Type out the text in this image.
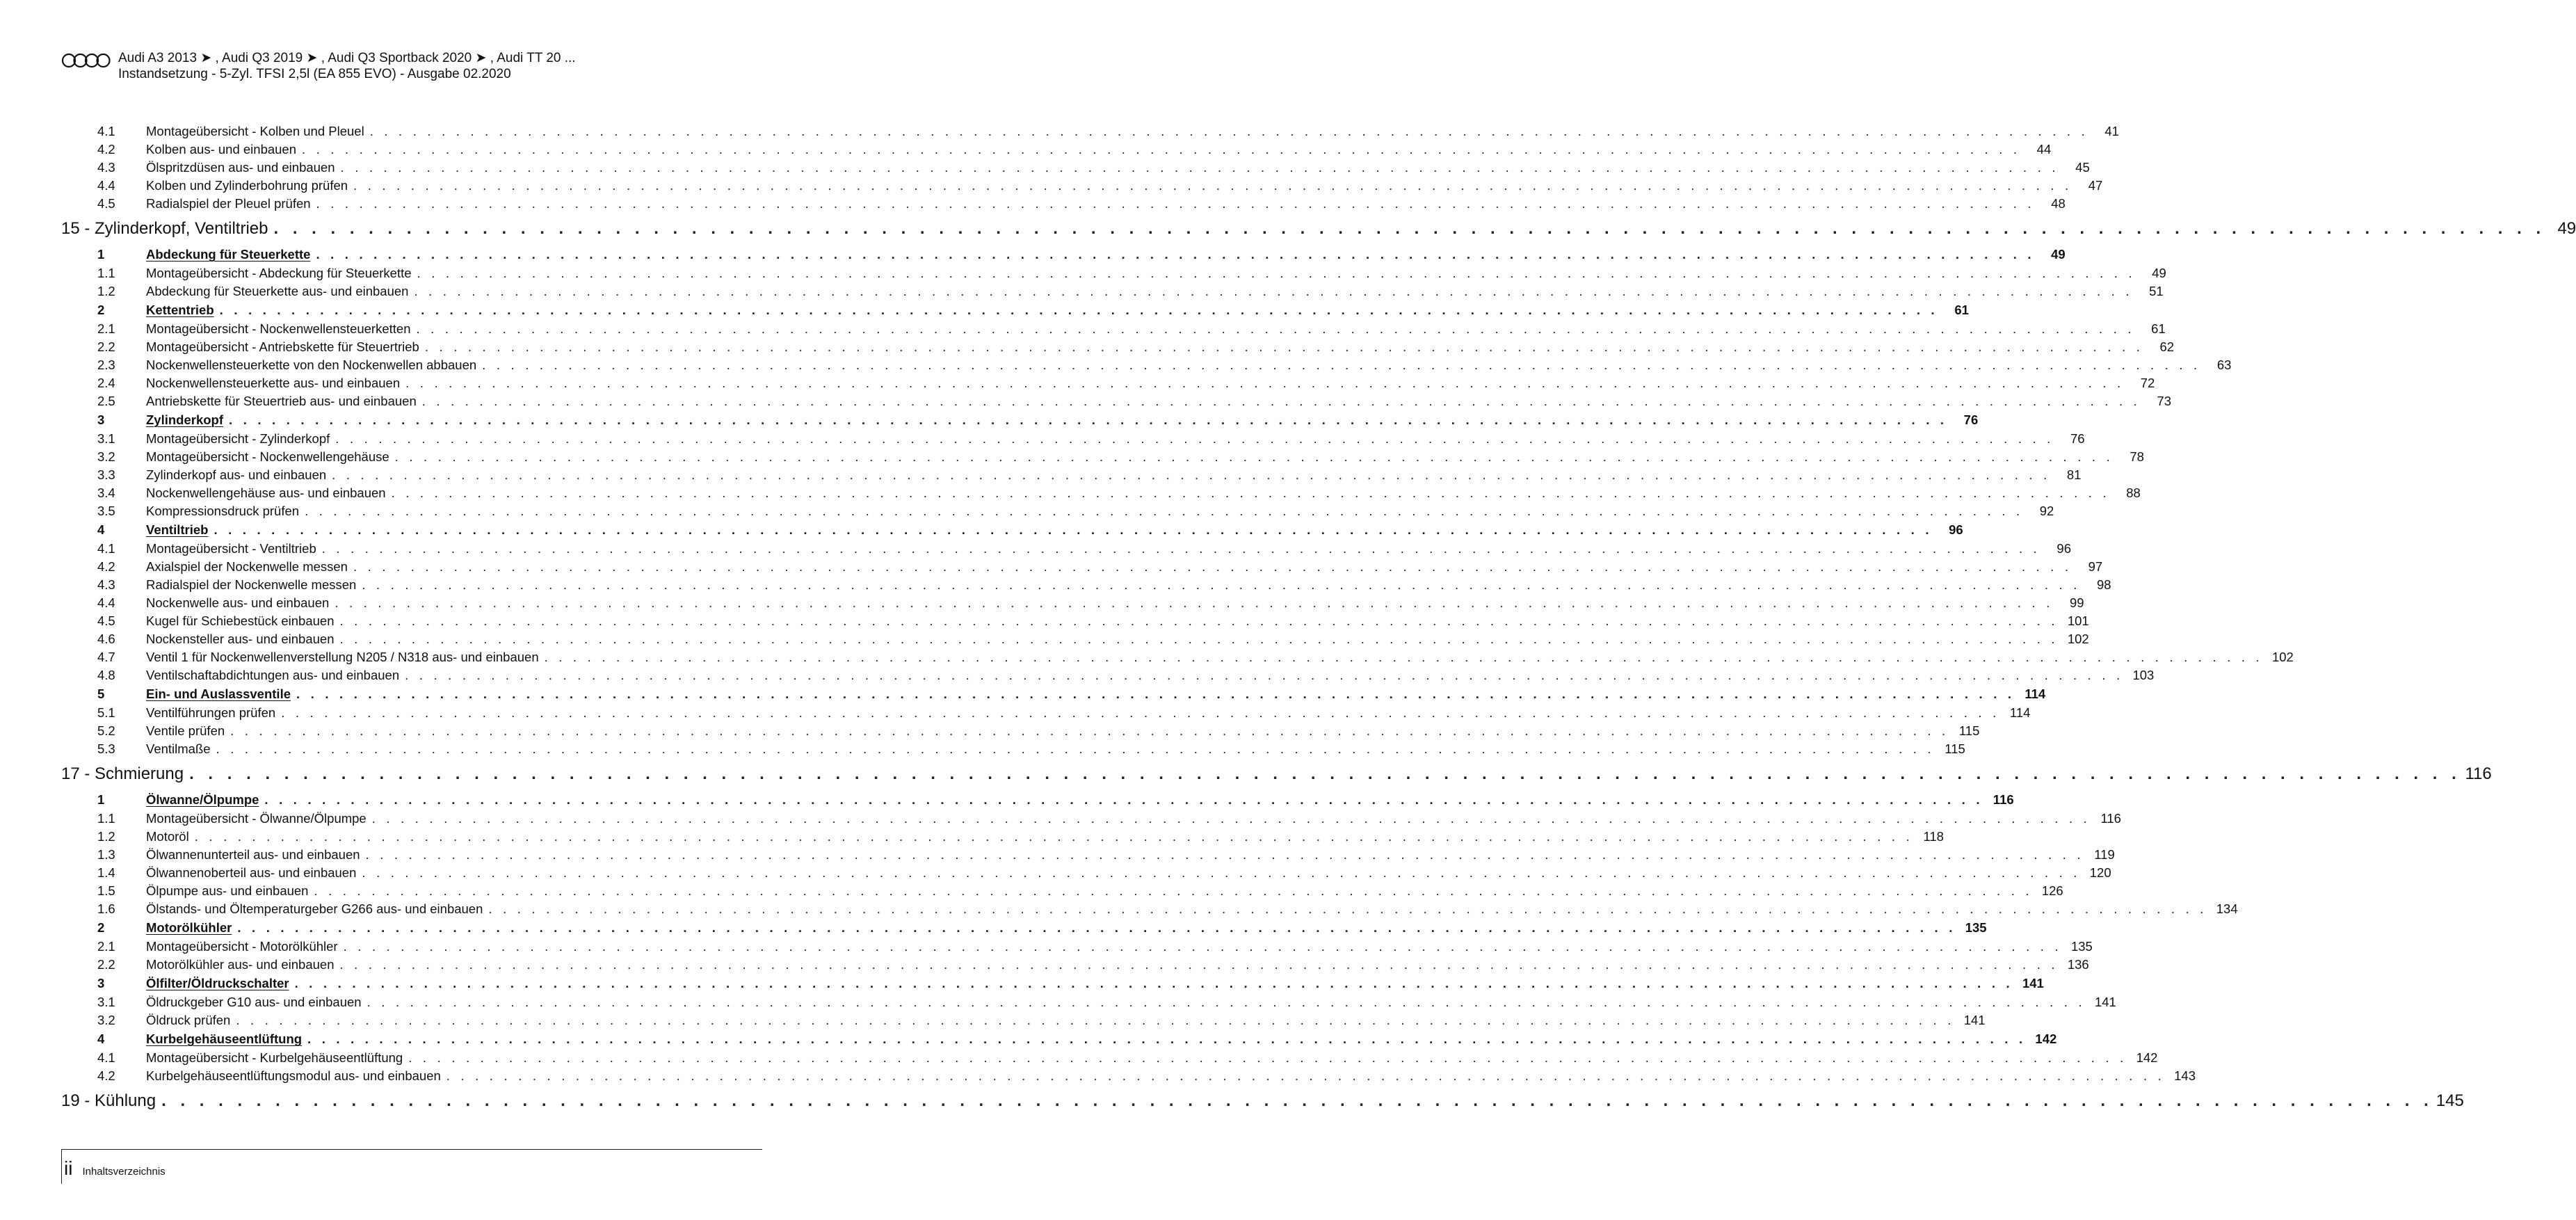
Audi A3 2013 ➤ , Audi Q3 2019 ➤ , Audi Q3 Sportback 2020 ➤ , Audi TT 20 ...
Instandsetzung - 5-Zyl. TFSI 2,5l (EA 855 EVO) - Ausgabe 02.2020
4.1	Montageübersicht - Kolben und Pleuel . . . . . . . . . . . . . . . . . . . . . . . . . . . . . . . . . . . . . . . . . . . . . . . . . . . . . . . . . . . . . . . . . . . . . . . . . . . . . . . . . . . . . . . . . . . . . . . . . . . . . . . . . . . . . . . . . . . . . . . .	41
4.2	Kolben aus- und einbauen . . . . . . . . . . . . . . . . . . . . . . . . . . . . . . . . . . . . . . . . . . . . . . . . . . . . . . . . . . . . . . . . . . . . . . . . . . . . . . . . . . . . . . . . . . . . . . . . . . . . . . . . . . . . . . . . . . . . . . . .	44
4.3	Ölspritzdüsen aus- und einbauen . . . . . . . . . . . . . . . . . . . . . . . . . . . . . . . . . . . . . . . . . . . . . . . . . . . . . . . . . . . . . . . . . . . . . . . . . . . . . . . . . . . . . . . . . . . . . . . . . . . . . . . . . . . . . . . . . . . . . . . .	45
4.4	Kolben und Zylinderbohrung prüfen . . . . . . . . . . . . . . . . . . . . . . . . . . . . . . . . . . . . . . . . . . . . . . . . . . . . . . . . . . . . . . . . . . . . . . . . . . . . . . . . . . . . . . . . . . . . . . . . . . . . . . . . . . . . . . . . . . . . . . . .	47
4.5	Radialspiel der Pleuel prüfen . . . . . . . . . . . . . . . . . . . . . . . . . . . . . . . . . . . . . . . . . . . . . . . . . . . . . . . . . . . . . . . . . . . . . . . . . . . . . . . . . . . . . . . . . . . . . . . . . . . . . . . . . . . . . . . . . . . . . . . .	48
15 - Zylinderkopf, Ventiltrieb . . . . . . . . . . . . . . . . . . . . . . . . . . . . . . . . . . . . . . . . . . . . . . . . . . . . . . . . . . . . . . . . . . . . . . . . . . . . . . . . . . . . . . . . . . . . . . . . . . . . . . . . . . . . . . . . . . . . . . . . 49
1	Abdeckung für Steuerkette . . . . . . . . . . . . . . . . . . . . . . . . . . . . . . . . . . . . . . . . . . . . . . . . . . . . . . . . . . . . . . . . . . . . . . . . . . . . . . . . . . . . . . . . . . . . . . . . . . . . . . . . . . . . . . . . . . . . . . . .	49
1.1	Montageübersicht - Abdeckung für Steuerkette . . . . . . . . . . . . . . . . . . . . . . . . . . . . . . . . . . . . . . . . . . . . . . . . . . . . . . . . . . . . . . . . . . . . . . . . . . . . . . . . . . . . . . . . . . . . . . . . . . . . . . . . . . . . . . . . . . . . . . . .	49
1.2	Abdeckung für Steuerkette aus- und einbauen . . . . . . . . . . . . . . . . . . . . . . . . . . . . . . . . . . . . . . . . . . . . . . . . . . . . . . . . . . . . . . . . . . . . . . . . . . . . . . . . . . . . . . . . . . . . . . . . . . . . . . . . . . . . . . . . . . . . . . . .	51
2	Kettentrieb . . . . . . . . . . . . . . . . . . . . . . . . . . . . . . . . . . . . . . . . . . . . . . . . . . . . . . . . . . . . . . . . . . . . . . . . . . . . . . . . . . . . . . . . . . . . . . . . . . . . . . . . . . . . . . . . . . . . . . . .	61
2.1	Montageübersicht - Nockenwellensteuerketten . . . . . . . . . . . . . . . . . . . . . . . . . . . . . . . . . . . . . . . . . . . . . . . . . . . . . . . . . . . . . . . . . . . . . . . . . . . . . . . . . . . . . . . . . . . . . . . . . . . . . . . . . . . . . . . . . . . . . . . .	61
2.2	Montageübersicht - Antriebskette für Steuertrieb . . . . . . . . . . . . . . . . . . . . . . . . . . . . . . . . . . . . . . . . . . . . . . . . . . . . . . . . . . . . . . . . . . . . . . . . . . . . . . . . . . . . . . . . . . . . . . . . . . . . . . . . . . . . . . . . . . . . . . . .	62
2.3	Nockenwellensteuerkette von den Nockenwellen abbauen . . . . . . . . . . . . . . . . . . . . . . . . . . . . . . . . . . . . . . . . . . . . . . . . . . . . . . . . . . . . . . . . . . . . . . . . . . . . . . . . . . . . . . . . . . . . . . . . . . . . . . . . . . . . . . . . . . . . . . . .	63
2.4	Nockenwellensteuerkette aus- und einbauen . . . . . . . . . . . . . . . . . . . . . . . . . . . . . . . . . . . . . . . . . . . . . . . . . . . . . . . . . . . . . . . . . . . . . . . . . . . . . . . . . . . . . . . . . . . . . . . . . . . . . . . . . . . . . . . . . . . . . . . .	72
2.5	Antriebskette für Steuertrieb aus- und einbauen . . . . . . . . . . . . . . . . . . . . . . . . . . . . . . . . . . . . . . . . . . . . . . . . . . . . . . . . . . . . . . . . . . . . . . . . . . . . . . . . . . . . . . . . . . . . . . . . . . . . . . . . . . . . . . . . . . . . . . . .	73
3	Zylinderkopf . . . . . . . . . . . . . . . . . . . . . . . . . . . . . . . . . . . . . . . . . . . . . . . . . . . . . . . . . . . . . . . . . . . . . . . . . . . . . . . . . . . . . . . . . . . . . . . . . . . . . . . . . . . . . . . . . . . . . . . .	76
3.1	Montageübersicht - Zylinderkopf . . . . . . . . . . . . . . . . . . . . . . . . . . . . . . . . . . . . . . . . . . . . . . . . . . . . . . . . . . . . . . . . . . . . . . . . . . . . . . . . . . . . . . . . . . . . . . . . . . . . . . . . . . . . . . . . . . . . . . . .	76
3.2	Montageübersicht - Nockenwellengehäuse . . . . . . . . . . . . . . . . . . . . . . . . . . . . . . . . . . . . . . . . . . . . . . . . . . . . . . . . . . . . . . . . . . . . . . . . . . . . . . . . . . . . . . . . . . . . . . . . . . . . . . . . . . . . . . . . . . . . . . . .	78
3.3	Zylinderkopf aus- und einbauen . . . . . . . . . . . . . . . . . . . . . . . . . . . . . . . . . . . . . . . . . . . . . . . . . . . . . . . . . . . . . . . . . . . . . . . . . . . . . . . . . . . . . . . . . . . . . . . . . . . . . . . . . . . . . . . . . . . . . . . .	81
3.4	Nockenwellengehäuse aus- und einbauen . . . . . . . . . . . . . . . . . . . . . . . . . . . . . . . . . . . . . . . . . . . . . . . . . . . . . . . . . . . . . . . . . . . . . . . . . . . . . . . . . . . . . . . . . . . . . . . . . . . . . . . . . . . . . . . . . . . . . . . .	88
3.5	Kompressionsdruck prüfen . . . . . . . . . . . . . . . . . . . . . . . . . . . . . . . . . . . . . . . . . . . . . . . . . . . . . . . . . . . . . . . . . . . . . . . . . . . . . . . . . . . . . . . . . . . . . . . . . . . . . . . . . . . . . . . . . . . . . . . .	92
4	Ventiltrieb . . . . . . . . . . . . . . . . . . . . . . . . . . . . . . . . . . . . . . . . . . . . . . . . . . . . . . . . . . . . . . . . . . . . . . . . . . . . . . . . . . . . . . . . . . . . . . . . . . . . . . . . . . . . . . . . . . . . . . . .	96
4.1	Montageübersicht - Ventiltrieb . . . . . . . . . . . . . . . . . . . . . . . . . . . . . . . . . . . . . . . . . . . . . . . . . . . . . . . . . . . . . . . . . . . . . . . . . . . . . . . . . . . . . . . . . . . . . . . . . . . . . . . . . . . . . . . . . . . . . . . .	96
4.2	Axialspiel der Nockenwelle messen . . . . . . . . . . . . . . . . . . . . . . . . . . . . . . . . . . . . . . . . . . . . . . . . . . . . . . . . . . . . . . . . . . . . . . . . . . . . . . . . . . . . . . . . . . . . . . . . . . . . . . . . . . . . . . . . . . . . . . . .	97
4.3	Radialspiel der Nockenwelle messen . . . . . . . . . . . . . . . . . . . . . . . . . . . . . . . . . . . . . . . . . . . . . . . . . . . . . . . . . . . . . . . . . . . . . . . . . . . . . . . . . . . . . . . . . . . . . . . . . . . . . . . . . . . . . . . . . . . . . . . .	98
4.4	Nockenwelle aus- und einbauen . . . . . . . . . . . . . . . . . . . . . . . . . . . . . . . . . . . . . . . . . . . . . . . . . . . . . . . . . . . . . . . . . . . . . . . . . . . . . . . . . . . . . . . . . . . . . . . . . . . . . . . . . . . . . . . . . . . . . . . .	99
4.5	Kugel für Schiebestück einbauen . . . . . . . . . . . . . . . . . . . . . . . . . . . . . . . . . . . . . . . . . . . . . . . . . . . . . . . . . . . . . . . . . . . . . . . . . . . . . . . . . . . . . . . . . . . . . . . . . . . . . . . . . . . . . . . . . . . . . . . . 101
4.6	Nockensteller aus- und einbauen . . . . . . . . . . . . . . . . . . . . . . . . . . . . . . . . . . . . . . . . . . . . . . . . . . . . . . . . . . . . . . . . . . . . . . . . . . . . . . . . . . . . . . . . . . . . . . . . . . . . . . . . . . . . . . . . . . . . . . . . 102
4.7	Ventil 1 für Nockenwellenverstellung N205 / N318 aus- und einbauen . . . . . . . . . . . . . . . . . . . . . . . . . . . . . . . . . . . . . . . . . . . . . . . . . . . . . . . . . . . . . . . . . . . . . . . . . . . . . . . . . . . . . . . . . . . . . . . . . . . . . . . . . . . . . . . . . . . . . . . . 102
4.8	Ventilschaftabdichtungen aus- und einbauen . . . . . . . . . . . . . . . . . . . . . . . . . . . . . . . . . . . . . . . . . . . . . . . . . . . . . . . . . . . . . . . . . . . . . . . . . . . . . . . . . . . . . . . . . . . . . . . . . . . . . . . . . . . . . . . . . . . . . . . . 103
5	Ein- und Auslassventile . . . . . . . . . . . . . . . . . . . . . . . . . . . . . . . . . . . . . . . . . . . . . . . . . . . . . . . . . . . . . . . . . . . . . . . . . . . . . . . . . . . . . . . . . . . . . . . . . . . . . . . . . . . . . . . . . . . . . . . . 114
5.1	Ventilführungen prüfen . . . . . . . . . . . . . . . . . . . . . . . . . . . . . . . . . . . . . . . . . . . . . . . . . . . . . . . . . . . . . . . . . . . . . . . . . . . . . . . . . . . . . . . . . . . . . . . . . . . . . . . . . . . . . . . . . . . . . . . . 114
5.2	Ventile prüfen . . . . . . . . . . . . . . . . . . . . . . . . . . . . . . . . . . . . . . . . . . . . . . . . . . . . . . . . . . . . . . . . . . . . . . . . . . . . . . . . . . . . . . . . . . . . . . . . . . . . . . . . . . . . . . . . . . . . . . . . 115
5.3	Ventilmaße . . . . . . . . . . . . . . . . . . . . . . . . . . . . . . . . . . . . . . . . . . . . . . . . . . . . . . . . . . . . . . . . . . . . . . . . . . . . . . . . . . . . . . . . . . . . . . . . . . . . . . . . . . . . . . . . . . . . . . . . 115
17 - Schmierung . . . . . . . . . . . . . . . . . . . . . . . . . . . . . . . . . . . . . . . . . . . . . . . . . . . . . . . . . . . . . . . . . . . . . . . . . . . . . . . . . . . . . . . . . . . . . . . . . . . . . . . . . . . . . . . . . . . . . . . . 116
1	Ölwanne/Ölpumpe . . . . . . . . . . . . . . . . . . . . . . . . . . . . . . . . . . . . . . . . . . . . . . . . . . . . . . . . . . . . . . . . . . . . . . . . . . . . . . . . . . . . . . . . . . . . . . . . . . . . . . . . . . . . . . . . . . . . . . . . 116
1.1	Montageübersicht - Ölwanne/Ölpumpe . . . . . . . . . . . . . . . . . . . . . . . . . . . . . . . . . . . . . . . . . . . . . . . . . . . . . . . . . . . . . . . . . . . . . . . . . . . . . . . . . . . . . . . . . . . . . . . . . . . . . . . . . . . . . . . . . . . . . . . . 116
1.2	Motoröl . . . . . . . . . . . . . . . . . . . . . . . . . . . . . . . . . . . . . . . . . . . . . . . . . . . . . . . . . . . . . . . . . . . . . . . . . . . . . . . . . . . . . . . . . . . . . . . . . . . . . . . . . . . . . . . . . . . . . . . . 118
1.3	Ölwannenunterteil aus- und einbauen . . . . . . . . . . . . . . . . . . . . . . . . . . . . . . . . . . . . . . . . . . . . . . . . . . . . . . . . . . . . . . . . . . . . . . . . . . . . . . . . . . . . . . . . . . . . . . . . . . . . . . . . . . . . . . . . . . . . . . . . 119
1.4	Ölwannenoberteil aus- und einbauen . . . . . . . . . . . . . . . . . . . . . . . . . . . . . . . . . . . . . . . . . . . . . . . . . . . . . . . . . . . . . . . . . . . . . . . . . . . . . . . . . . . . . . . . . . . . . . . . . . . . . . . . . . . . . . . . . . . . . . . . 120
1.5	Ölpumpe aus- und einbauen . . . . . . . . . . . . . . . . . . . . . . . . . . . . . . . . . . . . . . . . . . . . . . . . . . . . . . . . . . . . . . . . . . . . . . . . . . . . . . . . . . . . . . . . . . . . . . . . . . . . . . . . . . . . . . . . . . . . . . . . 126
1.6	Ölstands- und Öltemperaturgeber G266 aus- und einbauen . . . . . . . . . . . . . . . . . . . . . . . . . . . . . . . . . . . . . . . . . . . . . . . . . . . . . . . . . . . . . . . . . . . . . . . . . . . . . . . . . . . . . . . . . . . . . . . . . . . . . . . . . . . . . . . . . . . . . . . . 134
2	Motorölkühler . . . . . . . . . . . . . . . . . . . . . . . . . . . . . . . . . . . . . . . . . . . . . . . . . . . . . . . . . . . . . . . . . . . . . . . . . . . . . . . . . . . . . . . . . . . . . . . . . . . . . . . . . . . . . . . . . . . . . . . . 135
2.1	Montageübersicht - Motorölkühler . . . . . . . . . . . . . . . . . . . . . . . . . . . . . . . . . . . . . . . . . . . . . . . . . . . . . . . . . . . . . . . . . . . . . . . . . . . . . . . . . . . . . . . . . . . . . . . . . . . . . . . . . . . . . . . . . . . . . . . . 135
2.2	Motorölkühler aus- und einbauen . . . . . . . . . . . . . . . . . . . . . . . . . . . . . . . . . . . . . . . . . . . . . . . . . . . . . . . . . . . . . . . . . . . . . . . . . . . . . . . . . . . . . . . . . . . . . . . . . . . . . . . . . . . . . . . . . . . . . . . . 136
3	Ölfilter/Öldruckschalter . . . . . . . . . . . . . . . . . . . . . . . . . . . . . . . . . . . . . . . . . . . . . . . . . . . . . . . . . . . . . . . . . . . . . . . . . . . . . . . . . . . . . . . . . . . . . . . . . . . . . . . . . . . . . . . . . . . . . . . . 141
3.1	Öldruckgeber G10 aus- und einbauen . . . . . . . . . . . . . . . . . . . . . . . . . . . . . . . . . . . . . . . . . . . . . . . . . . . . . . . . . . . . . . . . . . . . . . . . . . . . . . . . . . . . . . . . . . . . . . . . . . . . . . . . . . . . . . . . . . . . . . . . 141
3.2	Öldruck prüfen . . . . . . . . . . . . . . . . . . . . . . . . . . . . . . . . . . . . . . . . . . . . . . . . . . . . . . . . . . . . . . . . . . . . . . . . . . . . . . . . . . . . . . . . . . . . . . . . . . . . . . . . . . . . . . . . . . . . . . . . 141
4	Kurbelgehäuseentlüftung . . . . . . . . . . . . . . . . . . . . . . . . . . . . . . . . . . . . . . . . . . . . . . . . . . . . . . . . . . . . . . . . . . . . . . . . . . . . . . . . . . . . . . . . . . . . . . . . . . . . . . . . . . . . . . . . . . . . . . . . 142
4.1	Montageübersicht - Kurbelgehäuseentlüftung . . . . . . . . . . . . . . . . . . . . . . . . . . . . . . . . . . . . . . . . . . . . . . . . . . . . . . . . . . . . . . . . . . . . . . . . . . . . . . . . . . . . . . . . . . . . . . . . . . . . . . . . . . . . . . . . . . . . . . . . 142
4.2	Kurbelgehäuseentlüftungsmodul aus- und einbauen . . . . . . . . . . . . . . . . . . . . . . . . . . . . . . . . . . . . . . . . . . . . . . . . . . . . . . . . . . . . . . . . . . . . . . . . . . . . . . . . . . . . . . . . . . . . . . . . . . . . . . . . . . . . . . . . . . . . . . . . 143
19 - Kühlung . . . . . . . . . . . . . . . . . . . . . . . . . . . . . . . . . . . . . . . . . . . . . . . . . . . . . . . . . . . . . . . . . . . . . . . . . . . . . . . . . . . . . . . . . . . . . . . . . . . . . . . . . . . . . . . . . . . . . . . . 145
ii Inhaltsverzeichnis
